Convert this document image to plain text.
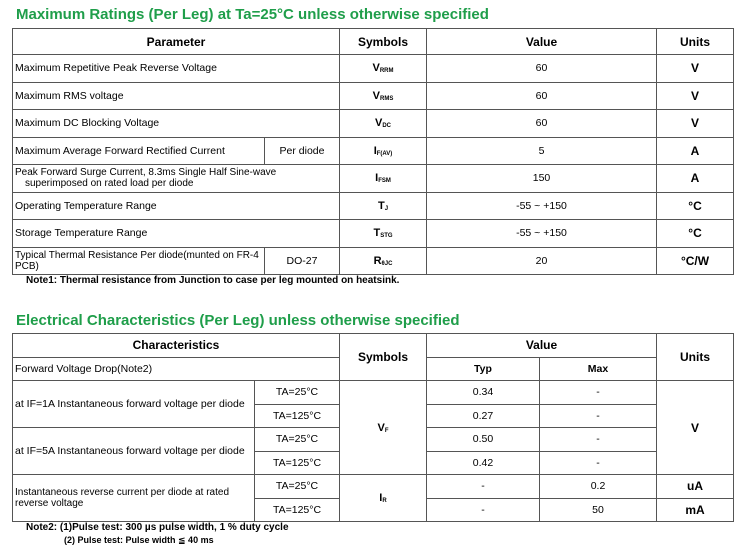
Maximum Ratings (Per Leg) at Ta=25°C unless otherwise specified
Parameter		Symbols	Value	Units
Maximum Repetitive Peak Reverse Voltage		$V_{RRM}$	60	V
Maximum RMS voltage		$V_{RMS}$	60	V
Maximum DC Blocking Voltage		$V_{DC}$	60	V
Maximum Average Forward Rectified Current	Per diode	$I_{F(AV)}$	5	A

Peak Forward Surge Current, 8.3ms Single Half Sine-wave
superimposed on rated load per diode		$I_{FSM}$	150	A
Operating Temperature Range		$T_J$	-55 ~ +150	°C
Storage Temperature Range		$T_{STG}$	-55 ~ +150	°C
Typical Thermal Resistance Per diode(munted on FR-4 PCB)	DO-27	$R_{\theta JC}$	20	°C/W
Note1: Thermal resistance from Junction to case per leg mounted on heatsink.
Electrical Characteristics (Per Leg) unless otherwise specified
Characteristics		Symbols	Value		Units
Forward Voltage Drop(Note2)			Typ	Max	
at IF=1A Instantaneous forward voltage per diode	TA=25°C	$V_F$	0.34	-	V
	TA=125°C		0.27	-	
at IF=5A Instantaneous forward voltage per diode	TA=25°C		0.50	-	
	TA=125°C		0.42	-	
Instantaneous reverse current per diode at rated reverse voltage	TA=25°C	$I_R$	-	0.2	uA
	TA=125°C		-	50	mA
Note2: (1)Pulse test: 300 µs pulse width, 1 % duty cycle
(2) Pulse test: Pulse width ≦ 40 ms
